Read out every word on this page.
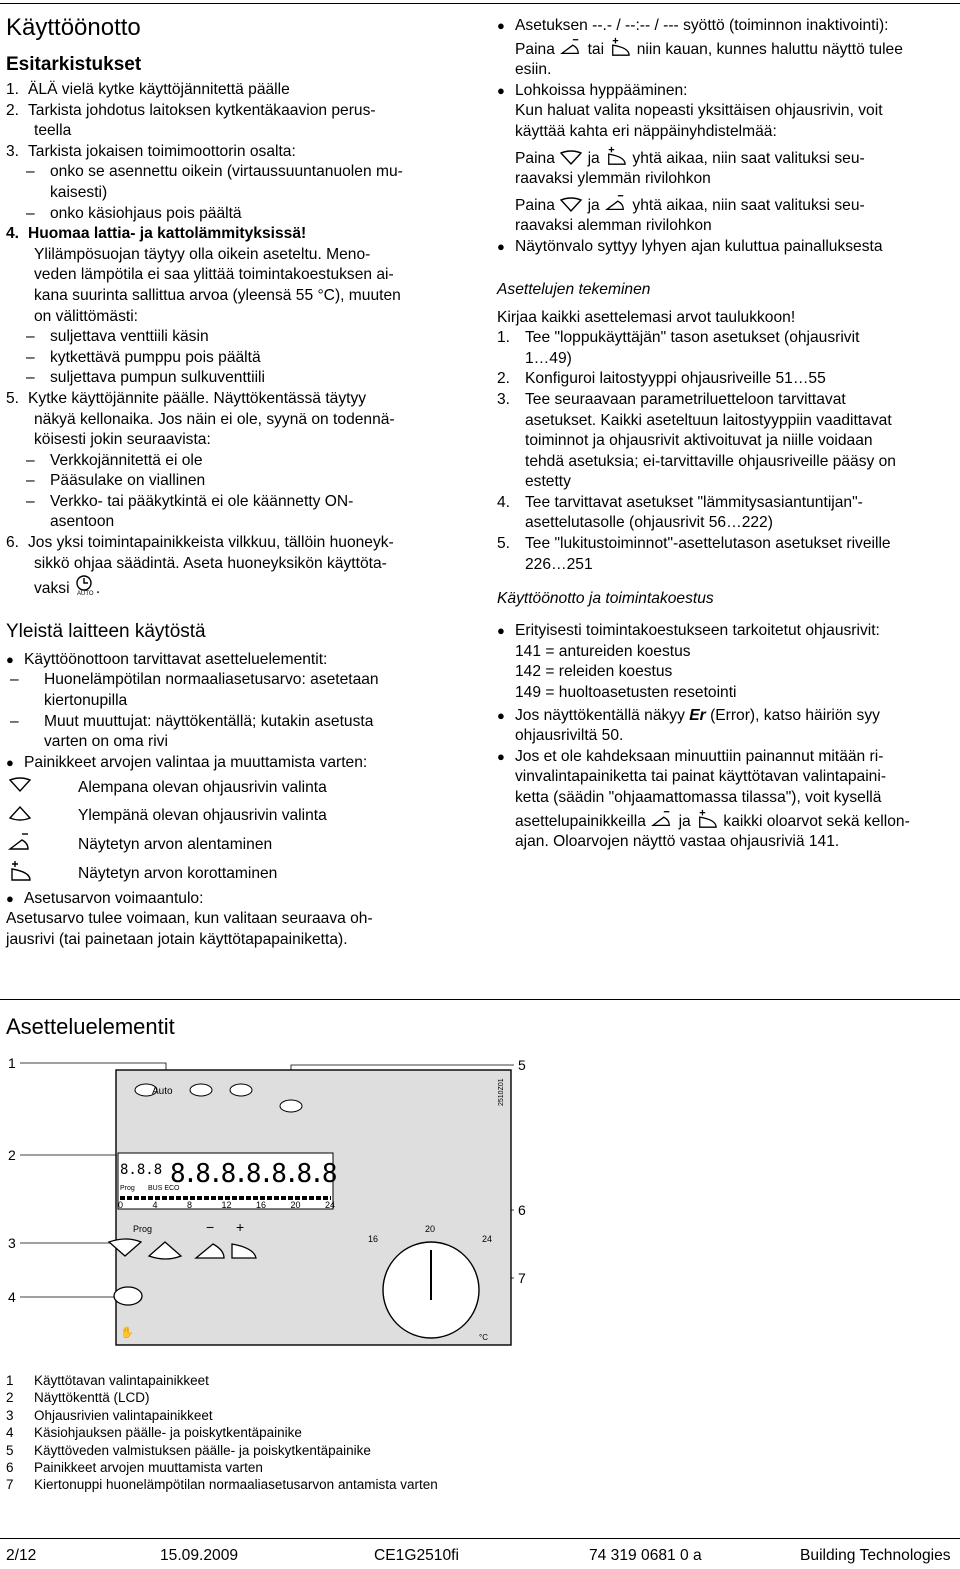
Käyttöönotto
Esitarkistukset
1. ÄLÄ vielä kytke käyttöjännitettä päälle
2. Tarkista johdotus laitoksen kytkentäkaavion perus-
teella
3. Tarkista jokaisen toimimoottorin osalta:
– onko se asennettu oikein (virtaussuuntanuolen mu-
kaisesti)
– onko käsiohjaus pois päältä
4. Huomaa lattia- ja kattolämmityksissä!
Ylilämpösuojan täytyy olla oikein aseteltu. Meno-
veden lämpötila ei saa ylittää toimintakoestuksen ai-
kana suurinta sallittua arvoa (yleensä 55 °C), muuten
on välittömästi:
– suljettava venttiili käsin
– kytkettävä pumppu pois päältä
– suljettava pumpun sulkuventtiili
5. Kytke käyttöjännite päälle. Näyttökentässä täytyy
näkyä kellonaika. Jos näin ei ole, syynä on todennä-
köisesti jokin seuraavista:
– Verkkojännitettä ei ole
– Pääsulake on viallinen
– Verkko- tai pääkytkintä ei ole käännetty ON-
asentoon
6. Jos yksi toimintapainikkeista vilkkuu, tällöin huoneyk-
sikkö ohjaa säädintä. Aseta huoneyksikön käyttöta-
vaksi AUTO .
Yleistä laitteen käytöstä
● Käyttöönottoon tarvittavat asetteluelementit:
–	Huonelämpötilan normaaliasetusarvo: asetetaan
kiertonupilla
–	Muut muuttujat: näyttökentällä; kutakin asetusta
varten on oma rivi
● Painikkeet arvojen valintaa ja muuttamista varten:
Alempana olevan ohjausrivin valinta
Ylempänä olevan ohjausrivin valinta
Näytetyn arvon alentaminen
Näytetyn arvon korottaminen
● Asetusarvon voimaantulo:
Asetusarvo tulee voimaan, kun valitaan seuraava oh-
jausrivi (tai painetaan jotain käyttötapapainiketta).
● Asetuksen --.- / --:-- / --- syöttö (toiminnon inaktivointi):
Paina tai niin kauan, kunnes haluttu näyttö tulee
esiin.
● Lohkoissa hyppääminen:
Kun haluat valita nopeasti yksittäisen ohjausrivin, voit
käyttää kahta eri näppäinyhdistelmää:
Paina ja yhtä aikaa, niin saat valituksi seu-
raavaksi ylemmän rivilohkon
Paina ja yhtä aikaa, niin saat valituksi seu-
raavaksi alemman rivilohkon
● Näytönvalo syttyy lyhyen ajan kuluttua painalluksesta
Asettelujen tekeminen
Kirjaa kaikki asettelemasi arvot taulukkoon!
1. Tee "loppukäyttäjän" tason asetukset (ohjausrivit
1…49)
2. Konfiguroi laitostyyppi ohjausriveille 51…55
3. Tee seuraavaan parametriluetteloon tarvittavat
asetukset. Kaikki aseteltuun laitostyyppiin vaadittavat
toiminnot ja ohjausrivit aktivoituvat ja niille voidaan
tehdä asetuksia; ei-tarvittaville ohjausriveille pääsy on
estetty
4. Tee tarvittavat asetukset "lämmitysasiantuntijan"-
asettelutasolle (ohjausrivit 56…222)
5. Tee "lukitustoiminnot"-asettelutason asetukset riveille
226…251
Käyttöönotto ja toimintakoestus
● Erityisesti toimintakoestukseen tarkoitetut ohjausrivit:
141 = antureiden koestus
142 = releiden koestus
149 = huoltoasetusten resetointi
● Jos näyttökentällä näkyy Er (Error), katso häiriön syy
ohjausriviltä 50.
● Jos et ole kahdeksaan minuuttiin painannut mitään ri-
vinvalintapainiketta tai painat käyttötavan valintapaini-
ketta (säädin "ohjaamattomassa tilassa"), voit kysellä
asettelupainikkeilla ja kaikki oloarvot sekä kellon-
ajan. Oloarvojen näyttö vastaa ohjausriviä 141.
Asetteluelementit
1
2
3
4
5
6
7
2510Z01
Auto
8.8.8 8.8.8.8.8.8.8
Prog BUS ECO
0	4	8	12	16	20	24
Prog	− +
✋
16
20
24
°C
1	Käyttötavan valintapainikkeet
2	Näyttökenttä (LCD)
3	Ohjausrivien valintapainikkeet
4	Käsiohjauksen päälle- ja poiskytkentäpainike
5	Käyttöveden valmistuksen päälle- ja poiskytkentäpainike
6	Painikkeet arvojen muuttamista varten
7	Kiertonuppi huonelämpötilan normaaliasetusarvon antamista varten
2/12	15.09.2009	CE1G2510fi	74 319 0681 0 a	Building Technologies
